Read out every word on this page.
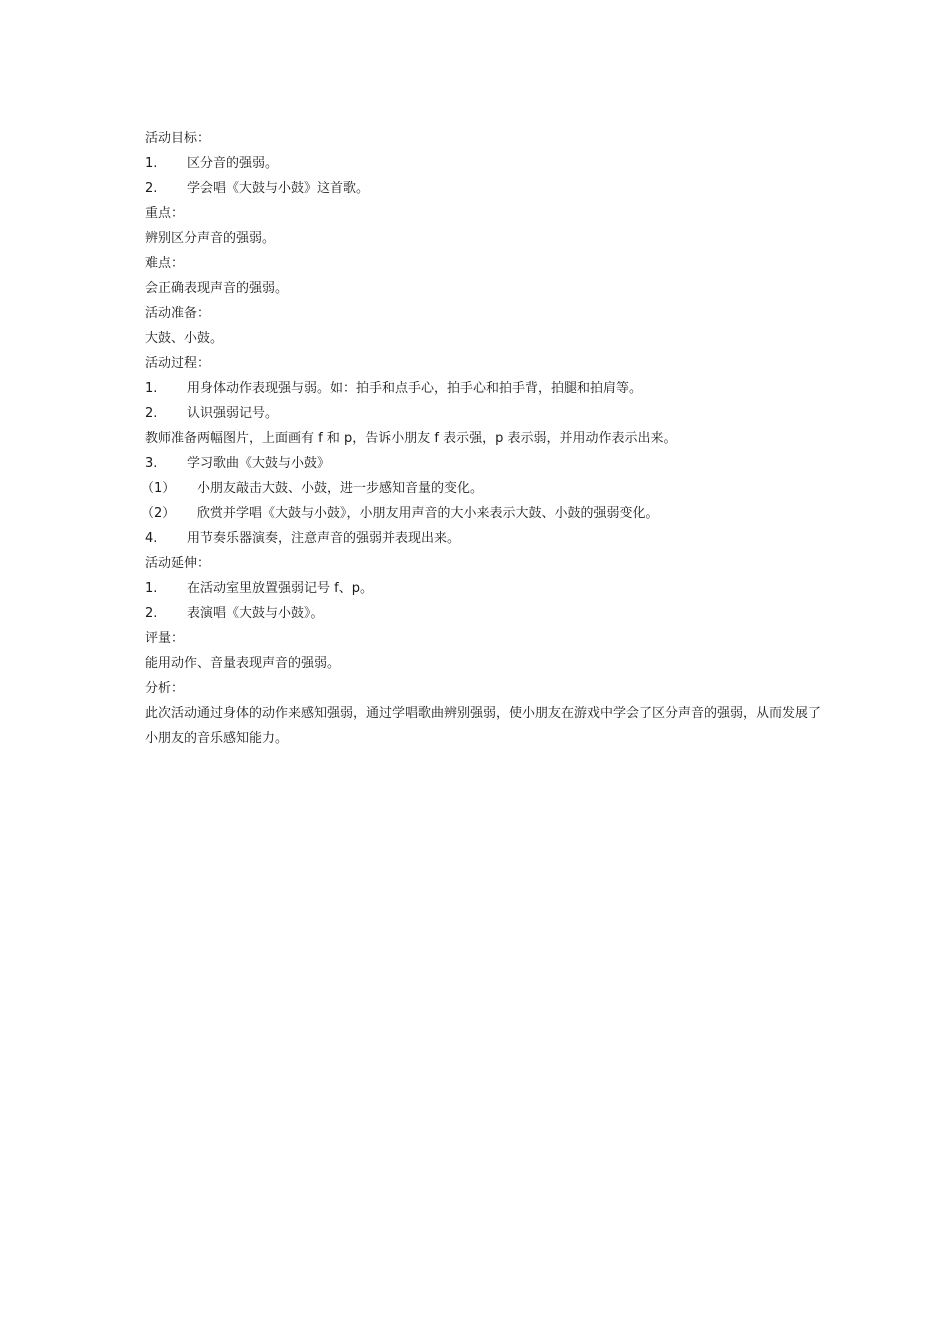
活动目标：
1. 区分音的强弱。
2. 学会唱《大鼓与小鼓》这首歌。
重点：
辨别区分声音的强弱。
难点：
会正确表现声音的强弱。
活动准备：
大鼓、小鼓。
活动过程：
1. 用身体动作表现强与弱。如：拍手和点手心，拍手心和拍手背，拍腿和拍肩等。
2. 认识强弱记号。
教师准备两幅图片，上面画有 f 和 p，告诉小朋友 f 表示强，p 表示弱，并用动作表示出来。
3. 学习歌曲《大鼓与小鼓》
（1） 小朋友敲击大鼓、小鼓，进一步感知音量的变化。
（2） 欣赏并学唱《大鼓与小鼓》，小朋友用声音的大小来表示大鼓、小鼓的强弱变化。
4. 用节奏乐器演奏，注意声音的强弱并表现出来。
活动延伸：
1. 在活动室里放置强弱记号 f、p。
2. 表演唱《大鼓与小鼓》。
评量：
能用动作、音量表现声音的强弱。
分析：
此次活动通过身体的动作来感知强弱，通过学唱歌曲辨别强弱，使小朋友在游戏中学会了区分声音的强弱，从而发展了小朋友的音乐感知能力。
